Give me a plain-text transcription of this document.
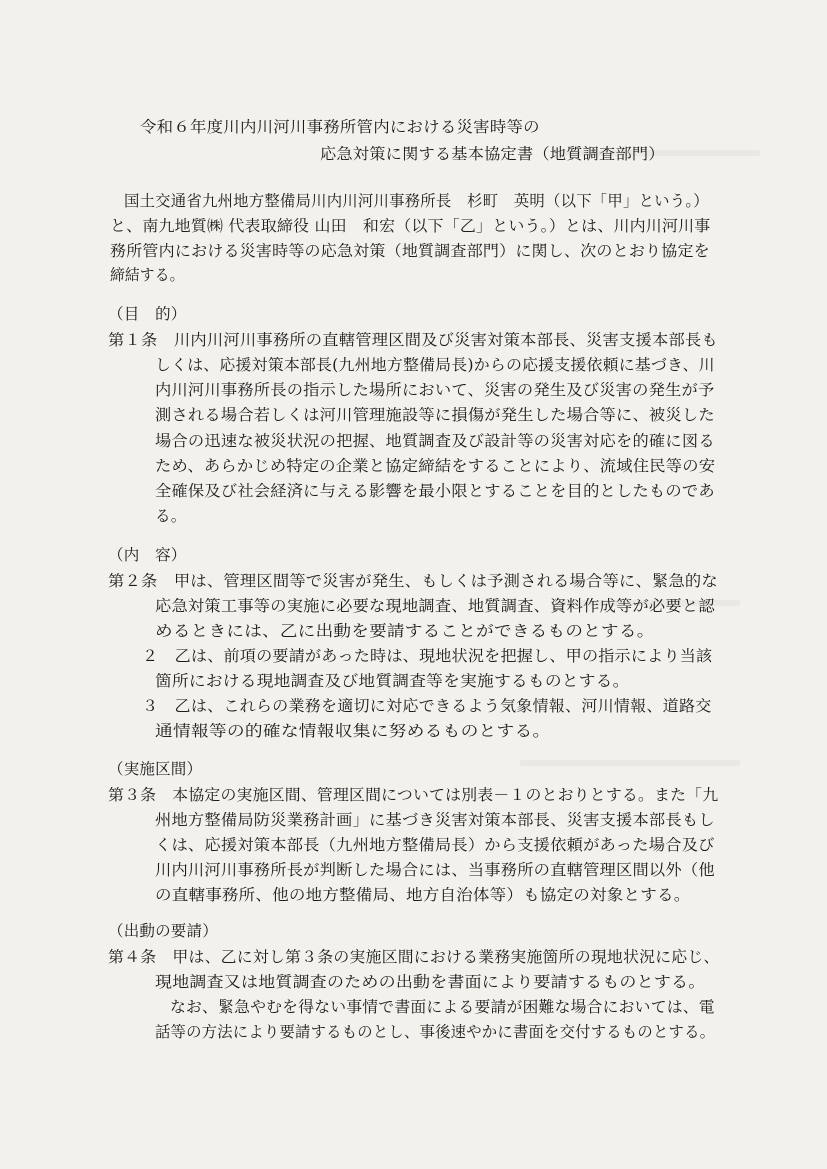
令和６年度川内川河川事務所管内における災害時等の
応急対策に関する基本協定書（地質調査部門）
国土交通省九州地方整備局川内川河川事務所長　杉町　英明（以下「甲」という。）
と、南九地質㈱ 代表取締役 山田　和宏（以下「乙」という。）とは、川内川河川事
務所管内における災害時等の応急対策（地質調査部門）に関し、次のとおり協定を
締結する。
（目　的）
第１条　川内川河川事務所の直轄管理区間及び災害対策本部長、災害支援本部長も
しくは、応援対策本部長(九州地方整備局長)からの応援支援依頼に基づき、川
内川河川事務所長の指示した場所において、災害の発生及び災害の発生が予
測される場合若しくは河川管理施設等に損傷が発生した場合等に、被災した
場合の迅速な被災状況の把握、地質調査及び設計等の災害対応を的確に図る
ため、あらかじめ特定の企業と協定締結をすることにより、流域住民等の安
全確保及び社会経済に与える影響を最小限とすることを目的としたものであ
る。
（内　容）
第２条　甲は、管理区間等で災害が発生、もしくは予測される場合等に、緊急的な
応急対策工事等の実施に必要な現地調査、地質調査、資料作成等が必要と認
めるときには、乙に出動を要請することができるものとする。
２　乙は、前項の要請があった時は、現地状況を把握し、甲の指示により当該
箇所における現地調査及び地質調査等を実施するものとする。
３　乙は、これらの業務を適切に対応できるよう気象情報、河川情報、道路交
通情報等の的確な情報収集に努めるものとする。
（実施区間）
第３条　本協定の実施区間、管理区間については別表－１のとおりとする。また「九
州地方整備局防災業務計画」に基づき災害対策本部長、災害支援本部長もし
くは、応援対策本部長（九州地方整備局長）から支援依頼があった場合及び
川内川河川事務所長が判断した場合には、当事務所の直轄管理区間以外（他
の直轄事務所、他の地方整備局、地方自治体等）も協定の対象とする。
（出動の要請）
第４条　甲は、乙に対し第３条の実施区間における業務実施箇所の現地状況に応じ、
現地調査又は地質調査のための出動を書面により要請するものとする。
なお、緊急やむを得ない事情で書面による要請が困難な場合においては、電
話等の方法により要請するものとし、事後速やかに書面を交付するものとする。
